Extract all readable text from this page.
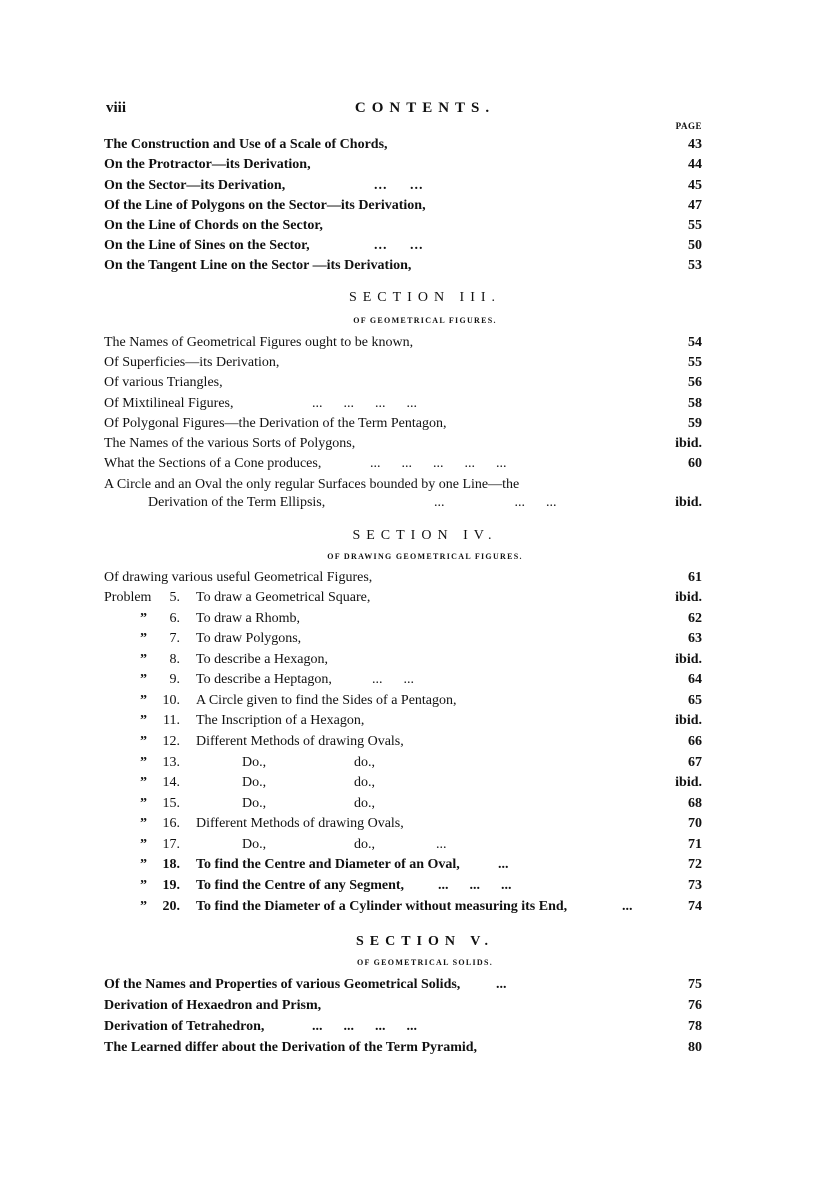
viii	CONTENTS.
PAGE
The Construction and Use of a Scale of Chords,	43
On the Protractor—its Derivation,	44
On the Sector—its Derivation,	...     ...	45
Of the Line of Polygons on the Sector—its Derivation,	47
On the Line of Chords on the Sector,	55
On the Line of Sines on the Sector,	...     ...	50
On the Tangent Line on the Sector —its Derivation,	53
SECTION III.
OF GEOMETRICAL FIGURES.
The Names of Geometrical Figures ought to be known,	54
Of Superficies—its Derivation,	55
Of various Triangles,	56
Of Mixtilineal Figures,	...      ...      ...      ...	58
Of Polygonal Figures—the Derivation of the Term Pentagon,	59
The Names of the various Sorts of Polygons,	ibid.
What the Sections of a Cone produces,	...      ...      ...      ...      ...	60
A Circle and an Oval the only regular Surfaces bounded by one Line—the
Derivation of the Term Ellipsis,	...                    ...      ...	ibid.
SECTION IV.
OF DRAWING GEOMETRICAL FIGURES.
Of drawing various useful Geometrical Figures,	61
Problem	5. To draw a Geometrical Square,	ibid.
”	6. To draw a Rhomb,	62
”	7. To draw Polygons,	63
”	8. To describe a Hexagon,	ibid.
”	9. To describe a Heptagon,	...      ...	64
”	10. A Circle given to find the Sides of a Pentagon,	65
”	11. The Inscription of a Hexagon,	ibid.
”	12. Different Methods of drawing Ovals,	66
”	13.	Do.,	do.,	67
”	14.	Do.,	do.,	ibid.
”	15.	Do.,	do.,	68
”	16. Different Methods of drawing Ovals,	70
”	17.	Do.,	do.,	...	71
”	18. To find the Centre and Diameter of an Oval,	...	72
”	19. To find the Centre of any Segment, ...      ...      ...	73
”	20. To find the Diameter of a Cylinder without measuring its End,	...	74
SECTION V.
OF GEOMETRICAL SOLIDS.
Of the Names and Properties of various Geometrical Solids,	...	75
Derivation of Hexaedron and Prism,	76
Derivation of Tetrahedron,	...      ...      ...      ...	78
The Learned differ about the Derivation of the Term Pyramid,	80
